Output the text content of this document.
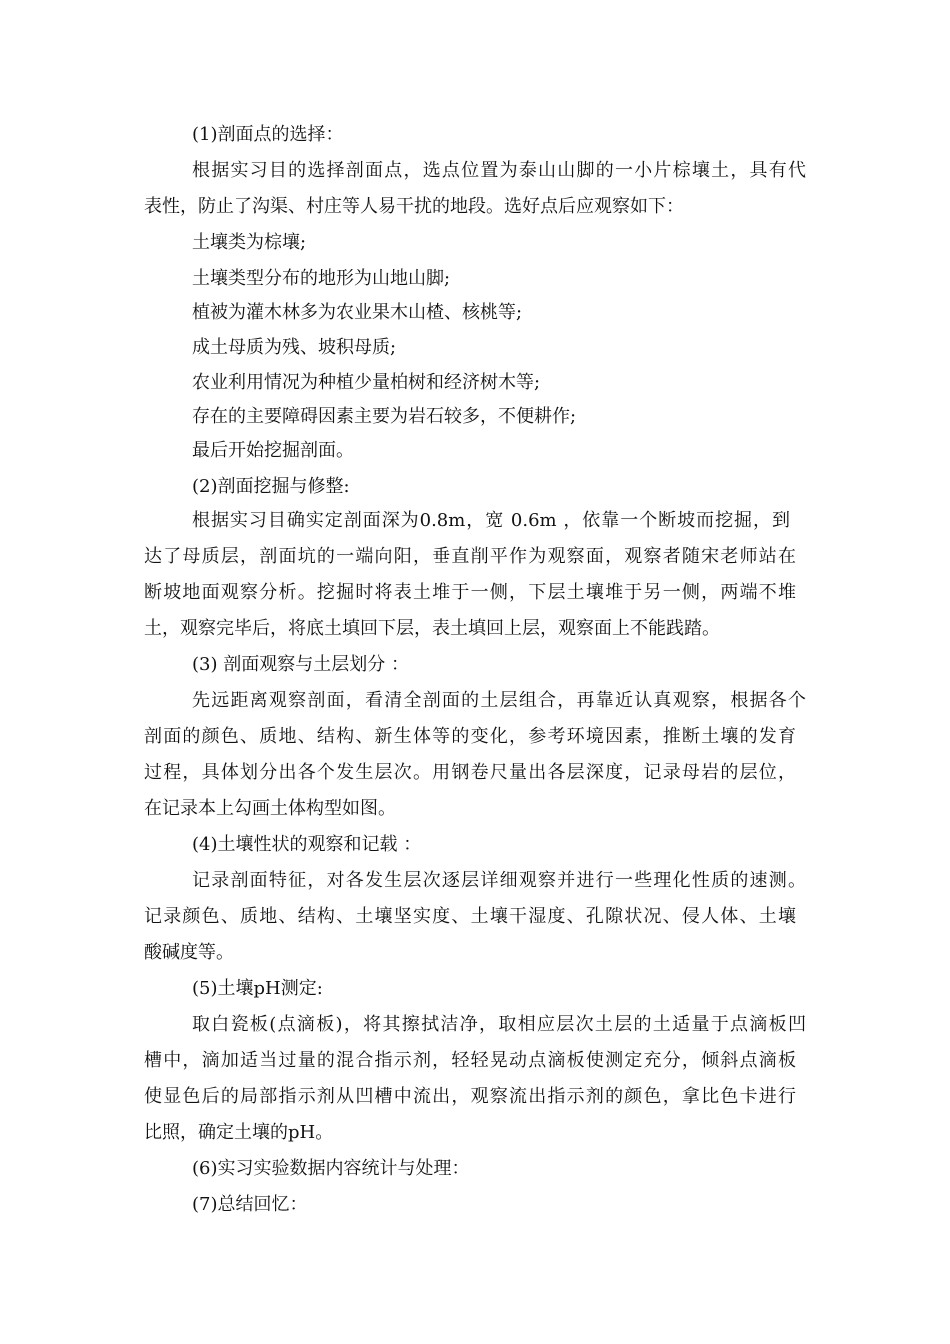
(1)剖面点的选择：
根据实习目的选择剖面点，选点位置为泰山山脚的一小片棕壤土，具有代
表性，防止了沟渠、村庄等人易干扰的地段。选好点后应观察如下：
土壤类为棕壤;
土壤类型分布的地形为山地山脚;
植被为灌木林多为农业果木山楂、核桃等;
成土母质为残、坡积母质;
农业利用情况为种植少量柏树和经济树木等;
存在的主要障碍因素主要为岩石较多，不便耕作;
最后开始挖掘剖面。
(2)剖面挖掘与修整:
根据实习目确实定剖面深为0.8m，宽 0.6m ，依靠一个断坡而挖掘，到
达了母质层，剖面坑的一端向阳，垂直削平作为观察面，观察者随宋老师站在
断坡地面观察分析。挖掘时将表土堆于一侧，下层土壤堆于另一侧，两端不堆
土，观察完毕后，将底土填回下层，表土填回上层，观察面上不能践踏。
(3) 剖面观察与土层划分 ：
先远距离观察剖面，看清全剖面的土层组合，再靠近认真观察，根据各个
剖面的颜色、质地、结构、新生体等的变化，参考环境因素，推断土壤的发育
过程，具体划分出各个发生层次。用钢卷尺量出各层深度，记录母岩的层位，
在记录本上勾画土体构型如图。
(4)土壤性状的观察和记载 ：
记录剖面特征，对各发生层次逐层详细观察并进行一些理化性质的速测。
记录颜色、质地、结构、土壤坚实度、土壤干湿度、孔隙状况、侵人体、土壤
酸碱度等。
(5)土壤pH测定:
取白瓷板(点滴板)，将其擦拭洁净，取相应层次土层的土适量于点滴板凹
槽中，滴加适当过量的混合指示剂，轻轻晃动点滴板使测定充分，倾斜点滴板
使显色后的局部指示剂从凹槽中流出，观察流出指示剂的颜色，拿比色卡进行
比照，确定土壤的pH。
(6)实习实验数据内容统计与处理：
(7)总结回忆：
